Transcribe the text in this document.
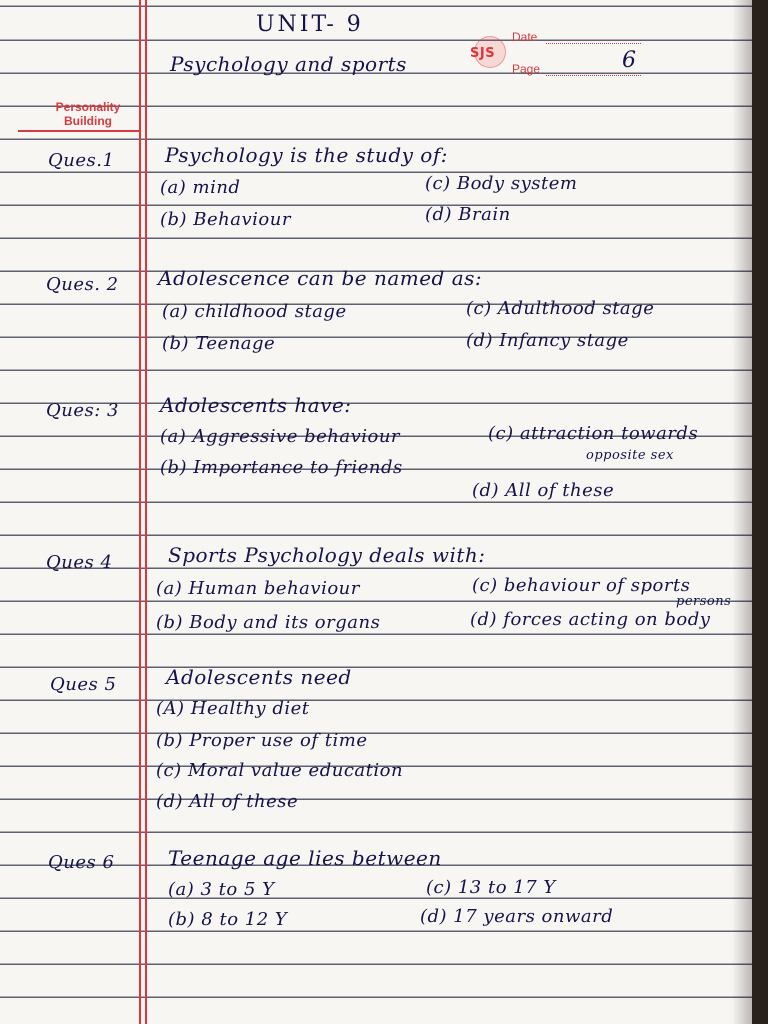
UNIT- 9
Psychology and sports	SJS
Date
Page	6
Personality Building
Ques.1	Psychology is the study of:
(a) mind	(c) Body system
(b) Behaviour	(d) Brain
Ques. 2 Adolescence can be named as:
(a) childhood stage	(c) Adulthood stage
(b) Teenage	(d) Infancy stage
Ques: 3 Adolescents have:
(a) Aggressive behaviour	(c) attraction towards
opposite sex
(b) Importance to friends
(d) All of these
Ques 4	Sports Psychology deals with:
(a) Human behaviour	(c) behaviour of sports
persons
(b) Body and its organs	(d) forces acting on body
Ques 5 Adolescents need
(A) Healthy diet
(b) Proper use of time
(c) Moral value education
(d) All of these
Ques 6	Teenage age lies between
(a) 3 to 5 Y	(c) 13 to 17 Y
(b) 8 to 12 Y	(d) 17 years onward
